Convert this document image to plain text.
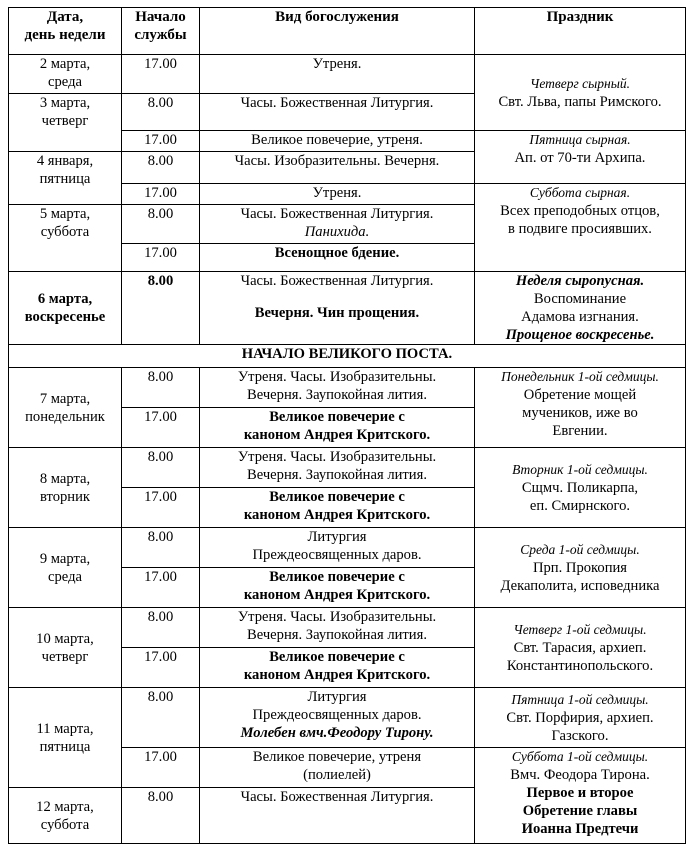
Дата,
день недели	Начало
службы	Вид богослужения	Праздник

2 марта,
среда	17.00	Утреня.	Четверг сырный.
Свт. Льва, папы Римского.

3 марта,
четверг	8.00	Часы. Божественная Литургия.	
	17.00	Великое повечерие, утреня.	Пятница сырная.
Ап. от 70-ти Архипа.

4 января,
пятница	8.00	Часы. Изобразительны. Вечерня.	
	17.00	Утреня.	Суббота сырная.
Всех преподобных отцов,
в подвиге просиявших.

5 марта,
суббота	8.00	Часы. Божественная Литургия.
Панихида.	

	17.00	Всенощное бдение.	

6 марта,
воскресенье	8.00	Часы. Божественная Литургия.
Вечерня. Чин прощения.	Неделя сыропусная.
Воспоминание
Адамова изгнания.
Прощеное воскресенье.

НАЧАЛО ВЕЛИКОГО ПОСТА.			

7 марта,
понедельник	8.00	Утреня. Часы. Изобразительны.
Вечерня. Заупокойная лития.	Понедельник 1-ой седмицы.
Обретение мощей
мучеников, иже во
Евгении.

	17.00	Великое повечерие с
каноном Андрея Критского.	

8 марта,
вторник	8.00	Утреня. Часы. Изобразительны.
Вечерня. Заупокойная лития.	Вторник 1-ой седмицы.
Сщмч. Поликарпа,
еп. Смирнского.

	17.00	Великое повечерие с
каноном Андрея Критского.	

9 марта,
среда	8.00	Литургия
Преждеосвященных даров.	Среда 1-ой седмицы.
Прп. Прокопия
Декаполита, исповедника

	17.00	Великое повечерие с
каноном Андрея Критского.	

10 марта,
четверг	8.00	Утреня. Часы. Изобразительны.
Вечерня. Заупокойная лития.	Четверг 1-ой седмицы.
Свт. Тарасия, архиеп.
Константинопольского.

	17.00	Великое повечерие с
каноном Андрея Критского.	

11 марта,
пятница	8.00	Литургия
Преждеосвященных даров.
Молебен вмч.Феодору Тирону.	Пятница 1-ой седмицы.
Свт. Порфирия, архиеп.
Газского.

	17.00	Великое повечерие, утреня
(полиелей)	Суббота 1-ой седмицы.
Вмч. Феодора Тирона.
Первое и второе
Обретение главы
Иоанна Предтечи

12 марта,
суббота	8.00	Часы. Божественная Литургия.	
